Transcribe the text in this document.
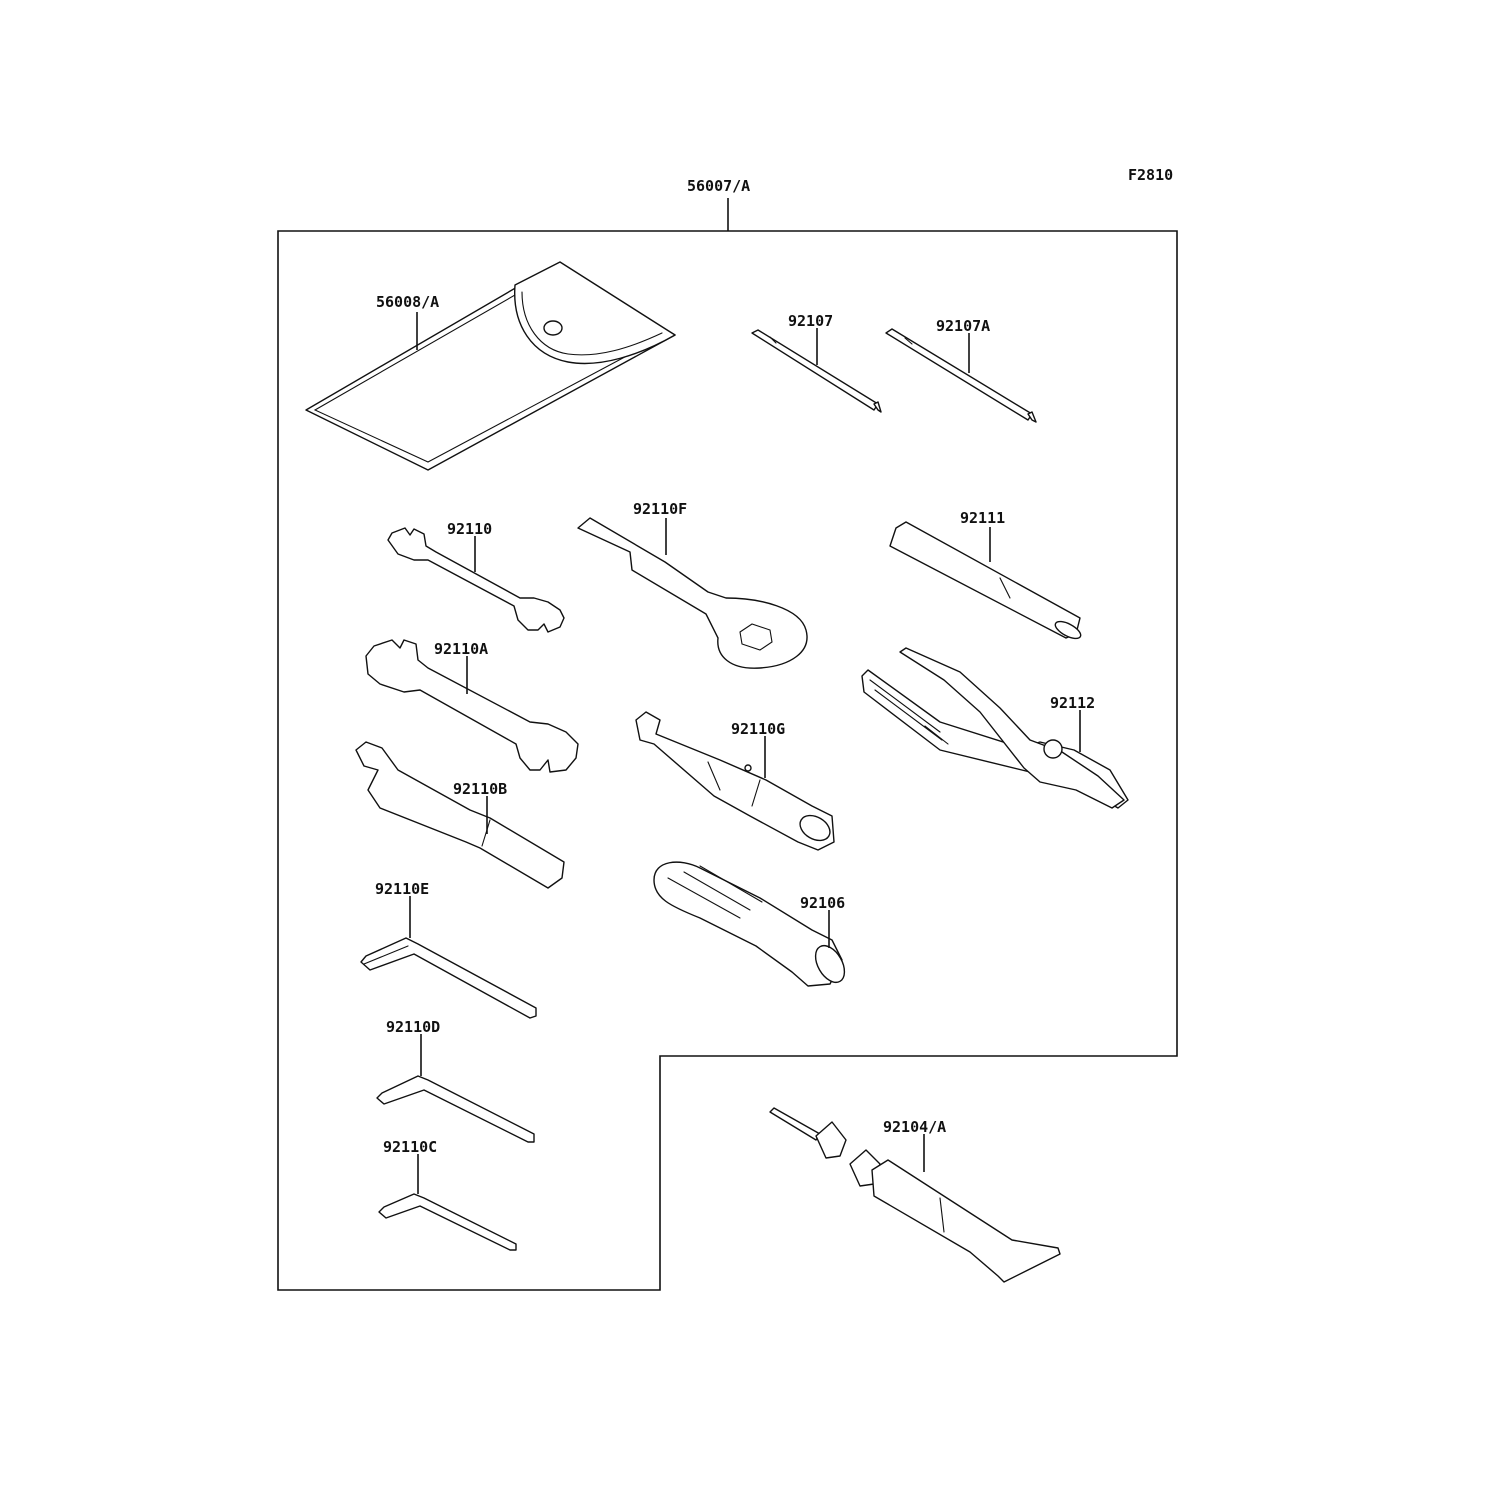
F2810
56007/A
56008/A
92107	92107A
92110
92110F	92111
92110A
92112
92110G
92110B
92106
92110E
92110D
92110C
92104/A
